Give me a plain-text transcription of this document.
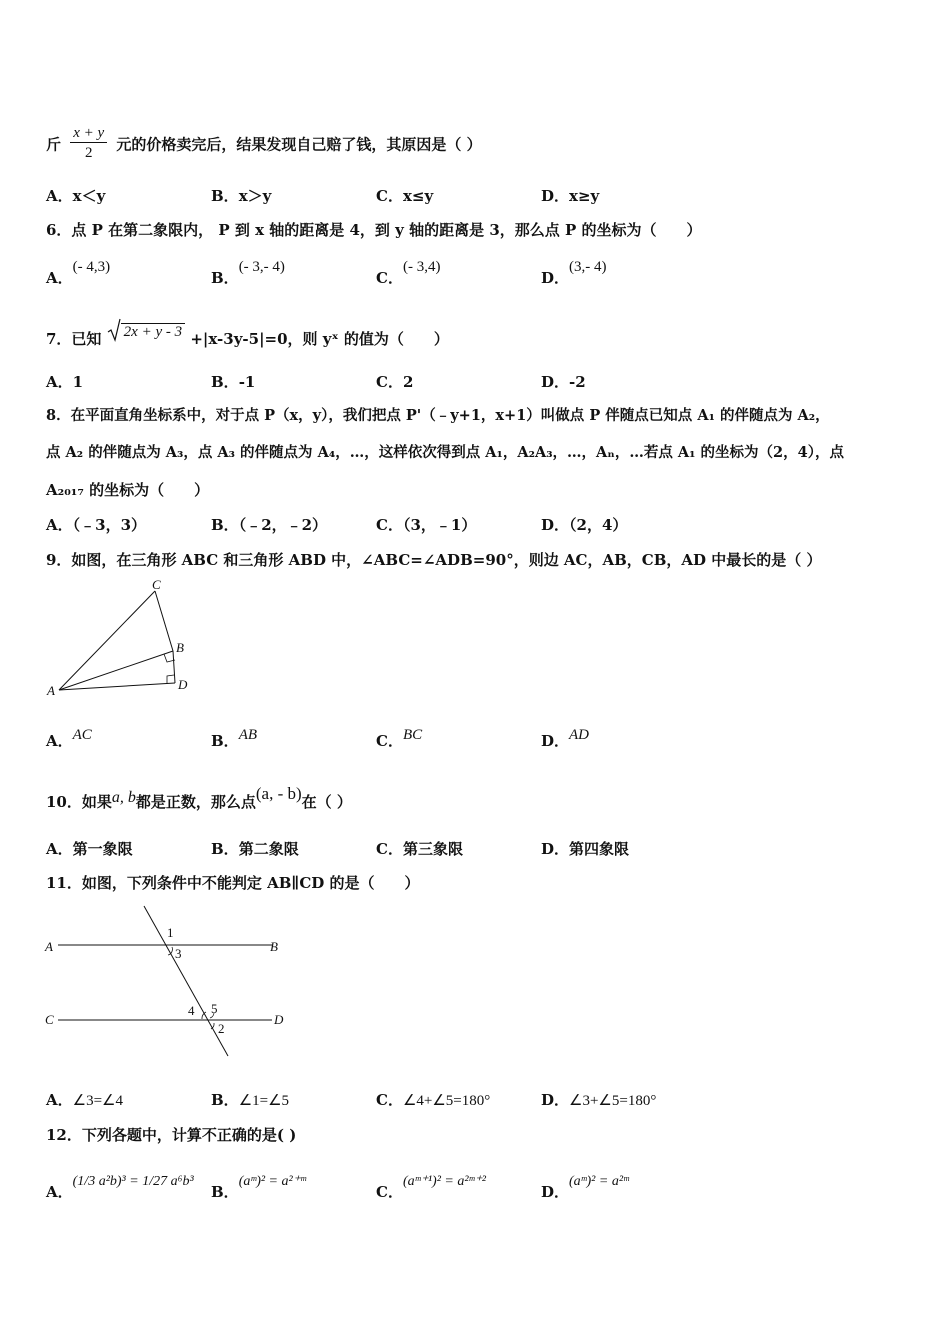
斤 $\frac{x + y}{2}$ 元的价格卖完后，结果发现自己赔了钱，其原因是（ ）
A．x＜y	B．x＞y	C．x≤y	D．x≥y
6．点 P 在第二象限内， P 到 x 轴的距离是 4，到 y 轴的距离是 3，那么点 P 的坐标为（　　）
A．(- 4,3)
B．(- 3,- 4)
C．(- 3,4)
D．(3,- 4)
7．已知 2x + y - 3 +|x-3y-5|=0，则 yˣ 的值为（　　）
A．1	B．-1	C．2	D．-2
8．在平面直角坐标系中，对于点 P（x，y），我们把点 P'（﹣y+1，x+1）叫做点 P 伴随点已知点 A₁ 的伴随点为 A₂，
点 A₂ 的伴随点为 A₃，点 A₃ 的伴随点为 A₄，…，这样依次得到点 A₁，A₂A₃，…，Aₙ，…若点 A₁ 的坐标为（2，4），点
A₂₀₁₇ 的坐标为（　　）
A．（﹣3，3）	B．（﹣2，﹣2）	C．（3，﹣1）	D．（2，4）
9．如图，在三角形 ABC 和三角形 ABD 中，∠ABC=∠ADB=90°，则边 AC，AB，CB，AD 中最长的是（ ）
A
C
B
D
A．AC	B．AB	C．BC	D．AD
10．如果a, b都是正数，那么点(a, - b)在（ ）
A．第一象限	B．第二象限	C．第三象限	D．第四象限
11．如图，下列条件中不能判定 AB∥CD 的是（　　）
A	B
C	D
1
3
4 5
2
A．∠3=∠4	B．∠1=∠5	C．∠4+∠5=180°	D．∠3+∠5=180°
12．下列各题中，计算不正确的是( )
A．(1/3 a²b)³ = 1/27 a⁶b³
B．(aᵐ)² = a²⁺ᵐ
C．(aᵐ⁺¹)² = a²ᵐ⁺²
D．(aᵐ)² = a²ᵐ
